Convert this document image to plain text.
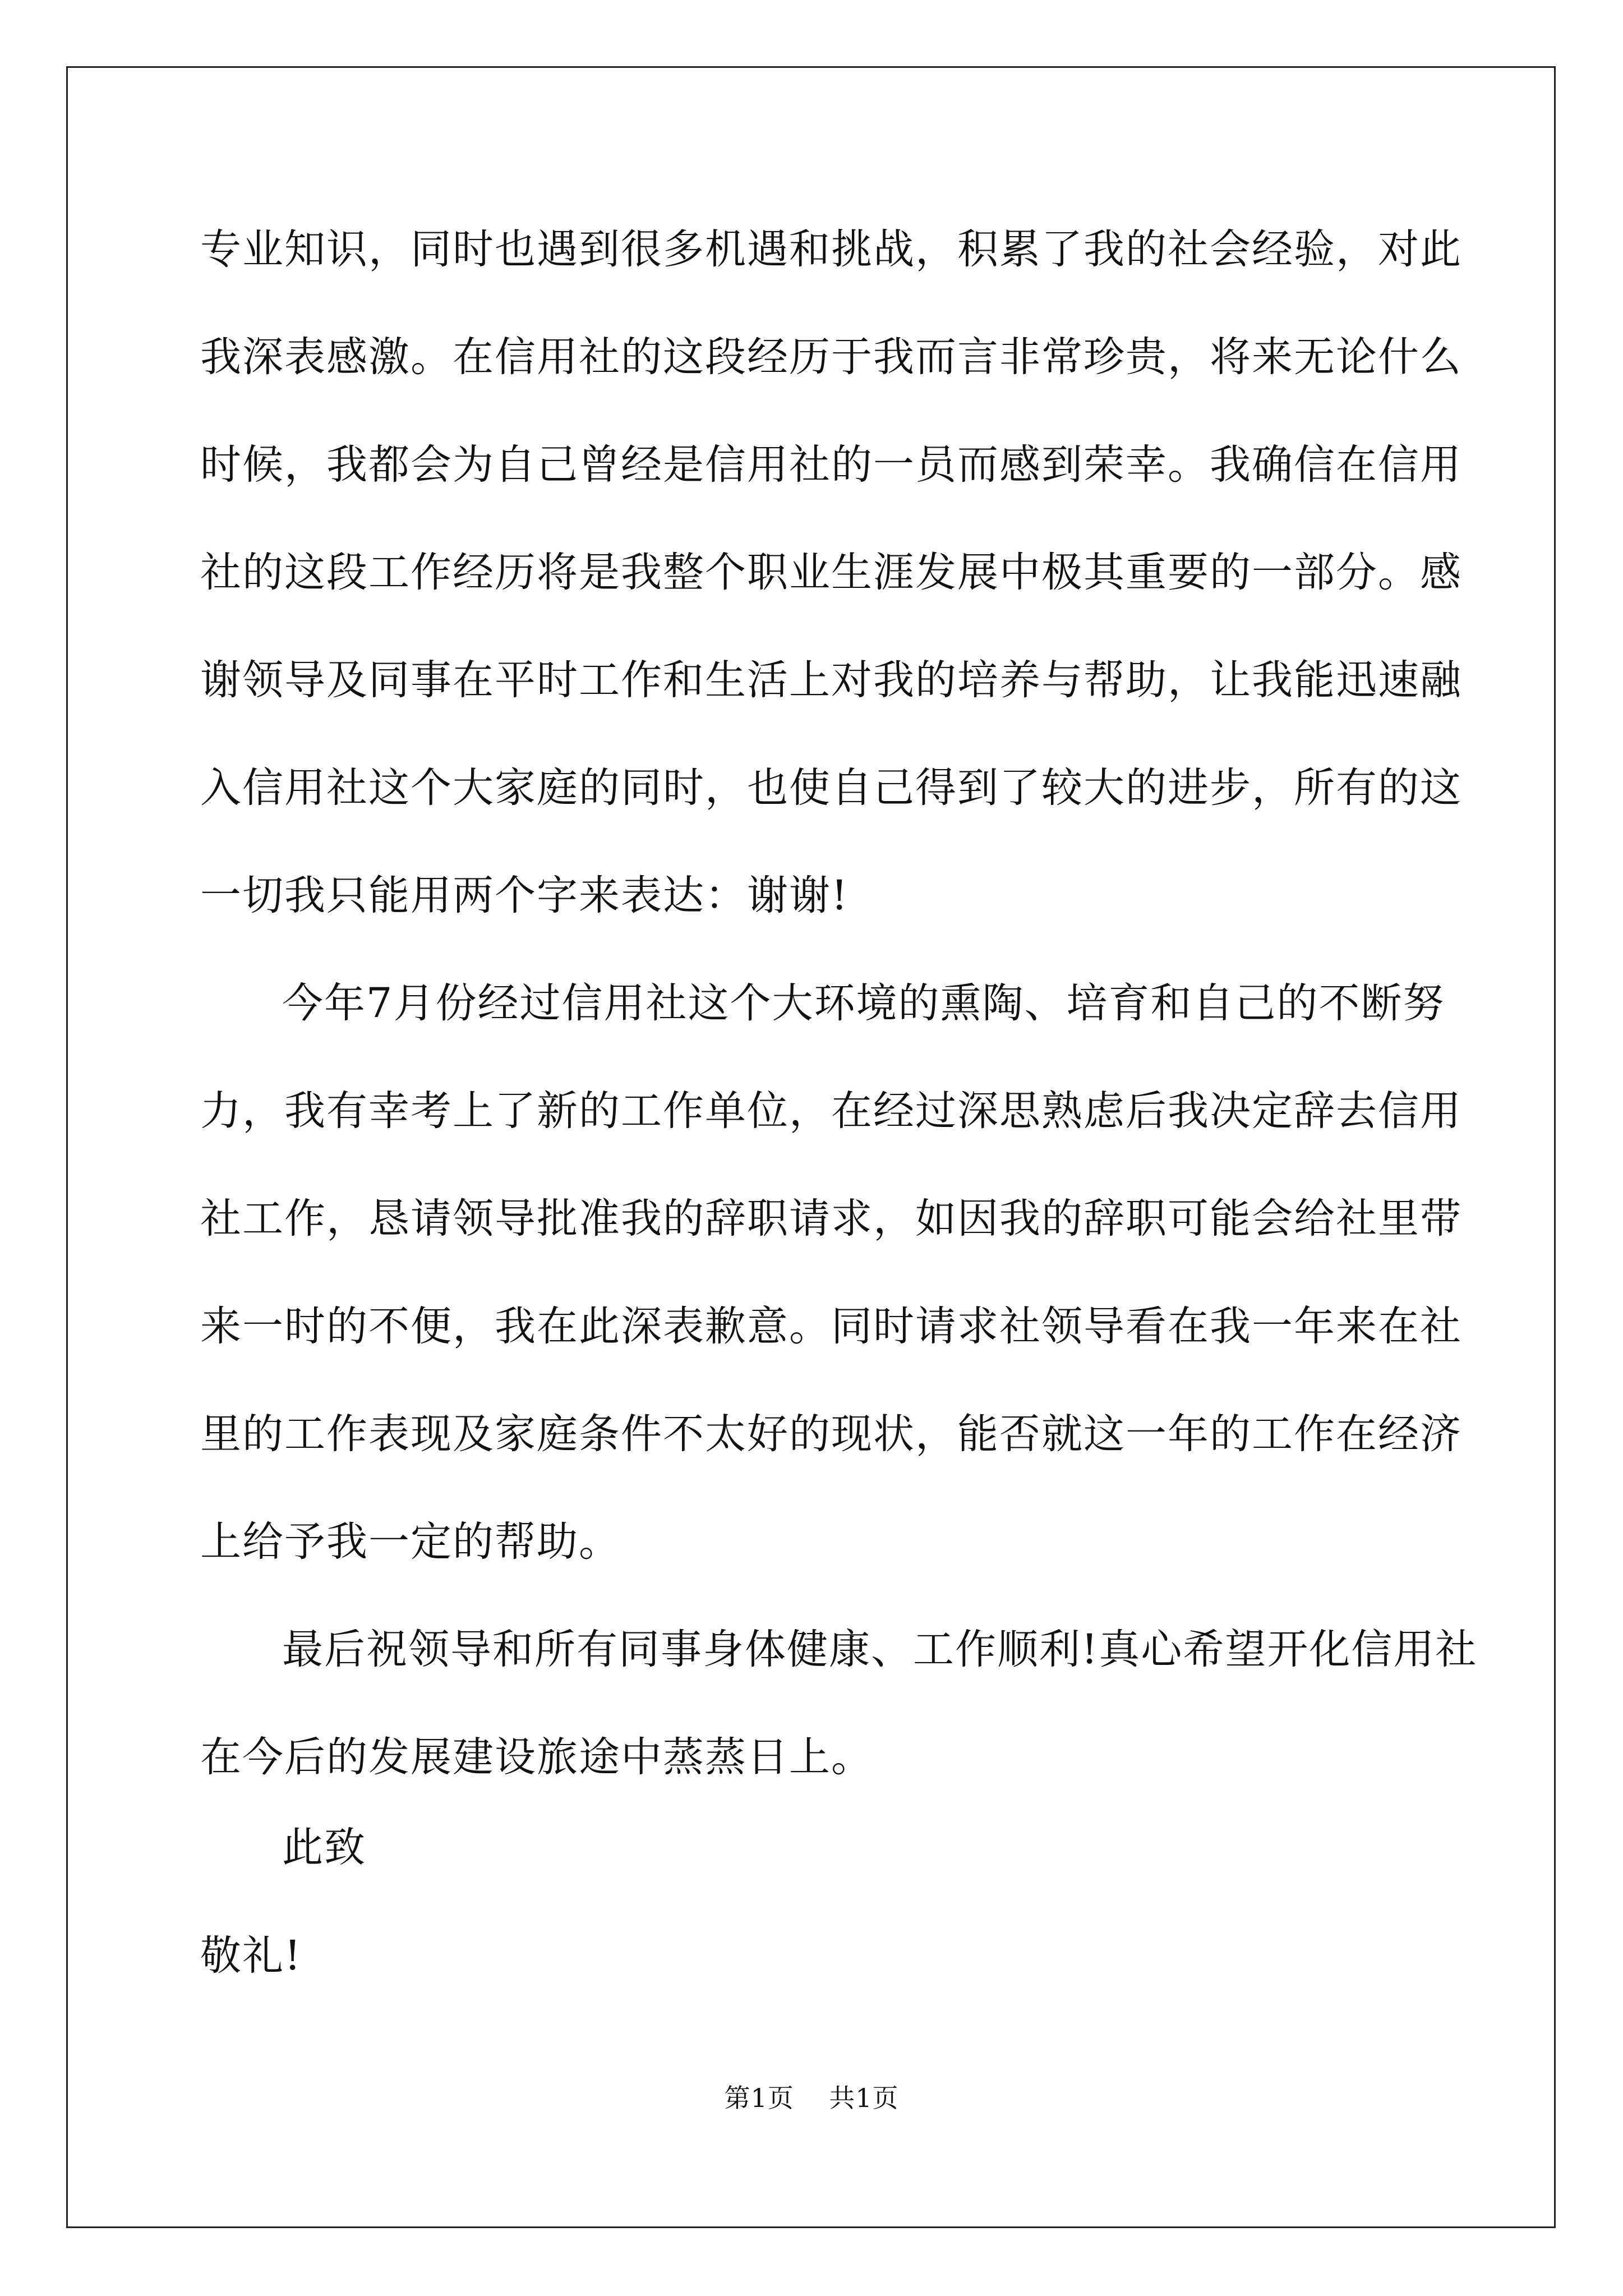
专业知识，同时也遇到很多机遇和挑战，积累了我的社会经验，对此
我深表感激。在信用社的这段经历于我而言非常珍贵，将来无论什么
时候，我都会为自己曾经是信用社的一员而感到荣幸。我确信在信用
社的这段工作经历将是我整个职业生涯发展中极其重要的一部分。感
谢领导及同事在平时工作和生活上对我的培养与帮助，让我能迅速融
入信用社这个大家庭的同时，也使自己得到了较大的进步，所有的这
一切我只能用两个字来表达：谢谢!
今年7月份经过信用社这个大环境的熏陶、培育和自己的不断努
力，我有幸考上了新的工作单位，在经过深思熟虑后我决定辞去信用
社工作，恳请领导批准我的辞职请求，如因我的辞职可能会给社里带
来一时的不便，我在此深表歉意。同时请求社领导看在我一年来在社
里的工作表现及家庭条件不太好的现状，能否就这一年的工作在经济
上给予我一定的帮助。
最后祝领导和所有同事身体健康、工作顺利!真心希望开化信用社
在今后的发展建设旅途中蒸蒸日上。
此致
敬礼!
第1页 共1页
